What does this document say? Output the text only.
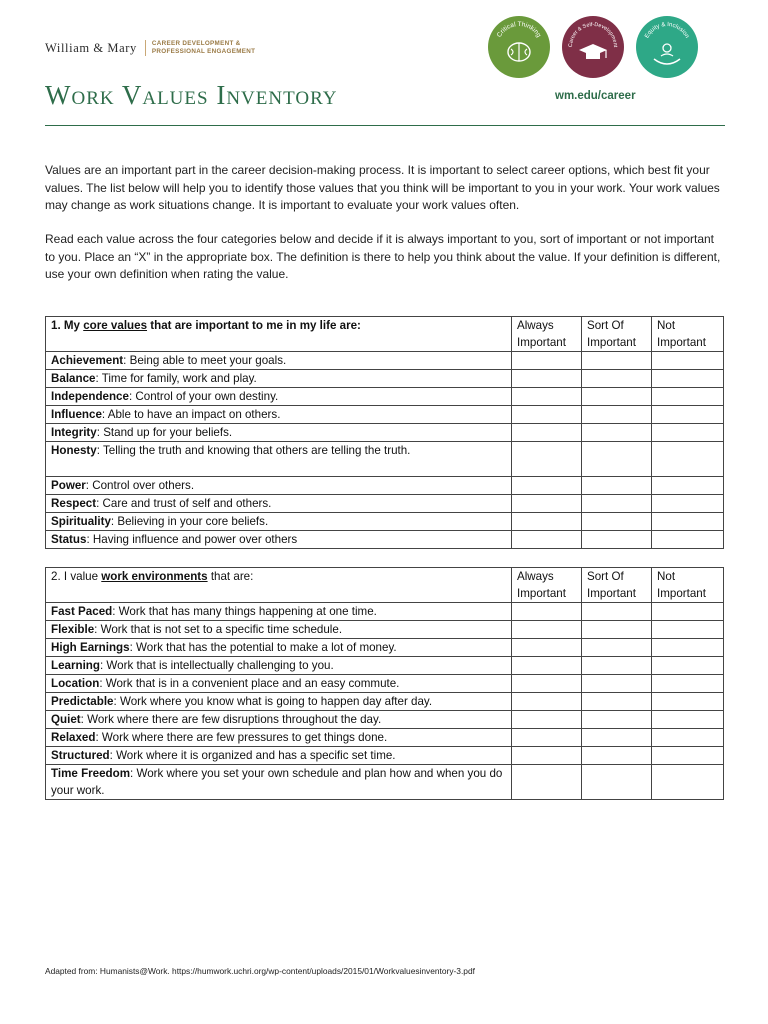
William & Mary CAREER DEVELOPMENT &
PROFESSIONAL ENGAGEMENT
Critical Thinking
Career & Self-Development
Equity & Inclusion
Work Values Inventory	wm.edu/career

Values are an important part in the career decision-making process. It is important to select career options, which best fit your values. The list below will help you to identify those values that you think will be important to you in your work. Your work values may change as work situations change. It is important to evaluate your work values often.

Read each value across the four categories below and decide if it is always important to you, sort of important or not important to you. Place an “X” in the appropriate box. The definition is there to help you think about the value. If your definition is different, use your own definition when rating the value.

1. My core values that are important to me in my life are:	Always Important	Sort Of Important	Not Important
Achievement: Being able to meet your goals.			
Balance: Time for family, work and play.			
Independence: Control of your own destiny.			
Influence: Able to have an impact on others.			
Integrity: Stand up for your beliefs.			
Honesty: Telling the truth and knowing that others are telling the truth.			
Power: Control over others.			
Respect: Care and trust of self and others.			
Spirituality: Believing in your core beliefs.			
Status: Having influence and power over others			
2. I value work environments that are:	Always Important	Sort Of Important	Not Important
Fast Paced: Work that has many things happening at one time.			
Flexible: Work that is not set to a specific time schedule.			
High Earnings: Work that has the potential to make a lot of money.			
Learning: Work that is intellectually challenging to you.			
Location: Work that is in a convenient place and an easy commute.			
Predictable: Work where you know what is going to happen day after day.			
Quiet: Work where there are few disruptions throughout the day.			
Relaxed: Work where there are few pressures to get things done.			
Structured: Work where it is organized and has a specific set time.			
Time Freedom: Work where you set your own schedule and plan how and when you do your work.			
Adapted from: Humanists@Work. https://humwork.uchri.org/wp-content/uploads/2015/01/Workvaluesinventory-3.pdf
